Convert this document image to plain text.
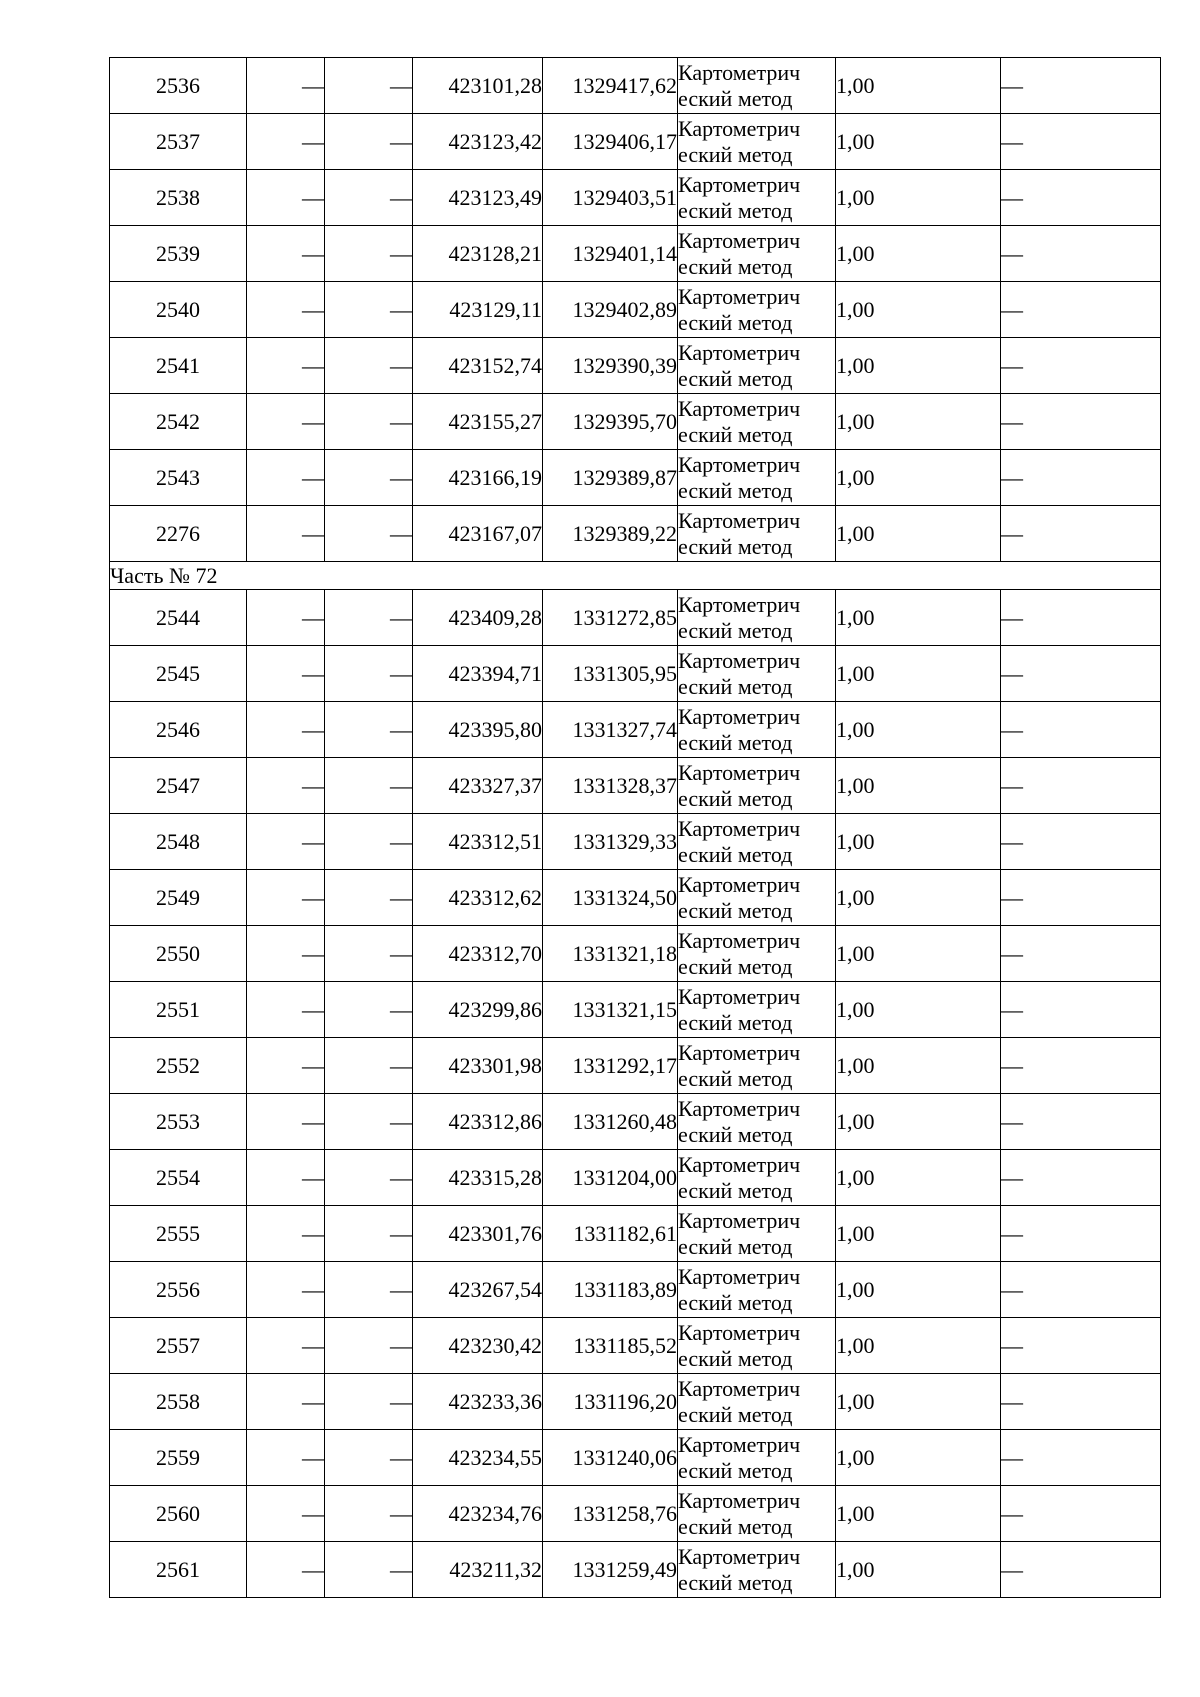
2536	—	—	423101,28	1329417,62	Картометрич
еский метод	1,00	—
2537	—	—	423123,42	1329406,17	Картометрич
еский метод	1,00	—
2538	—	—	423123,49	1329403,51	Картометрич
еский метод	1,00	—
2539	—	—	423128,21	1329401,14	Картометрич
еский метод	1,00	—
2540	—	—	423129,11	1329402,89	Картометрич
еский метод	1,00	—
2541	—	—	423152,74	1329390,39	Картометрич
еский метод	1,00	—
2542	—	—	423155,27	1329395,70	Картометрич
еский метод	1,00	—
2543	—	—	423166,19	1329389,87	Картометрич
еский метод	1,00	—
2276	—	—	423167,07	1329389,22	Картометрич
еский метод	1,00	—
Часть № 72							
2544	—	—	423409,28	1331272,85	Картометрич
еский метод	1,00	—
2545	—	—	423394,71	1331305,95	Картометрич
еский метод	1,00	—
2546	—	—	423395,80	1331327,74	Картометрич
еский метод	1,00	—
2547	—	—	423327,37	1331328,37	Картометрич
еский метод	1,00	—
2548	—	—	423312,51	1331329,33	Картометрич
еский метод	1,00	—
2549	—	—	423312,62	1331324,50	Картометрич
еский метод	1,00	—
2550	—	—	423312,70	1331321,18	Картометрич
еский метод	1,00	—
2551	—	—	423299,86	1331321,15	Картометрич
еский метод	1,00	—
2552	—	—	423301,98	1331292,17	Картометрич
еский метод	1,00	—
2553	—	—	423312,86	1331260,48	Картометрич
еский метод	1,00	—
2554	—	—	423315,28	1331204,00	Картометрич
еский метод	1,00	—
2555	—	—	423301,76	1331182,61	Картометрич
еский метод	1,00	—
2556	—	—	423267,54	1331183,89	Картометрич
еский метод	1,00	—
2557	—	—	423230,42	1331185,52	Картометрич
еский метод	1,00	—
2558	—	—	423233,36	1331196,20	Картометрич
еский метод	1,00	—
2559	—	—	423234,55	1331240,06	Картометрич
еский метод	1,00	—
2560	—	—	423234,76	1331258,76	Картометрич
еский метод	1,00	—
2561	—	—	423211,32	1331259,49	Картометрич
еский метод	1,00	—
